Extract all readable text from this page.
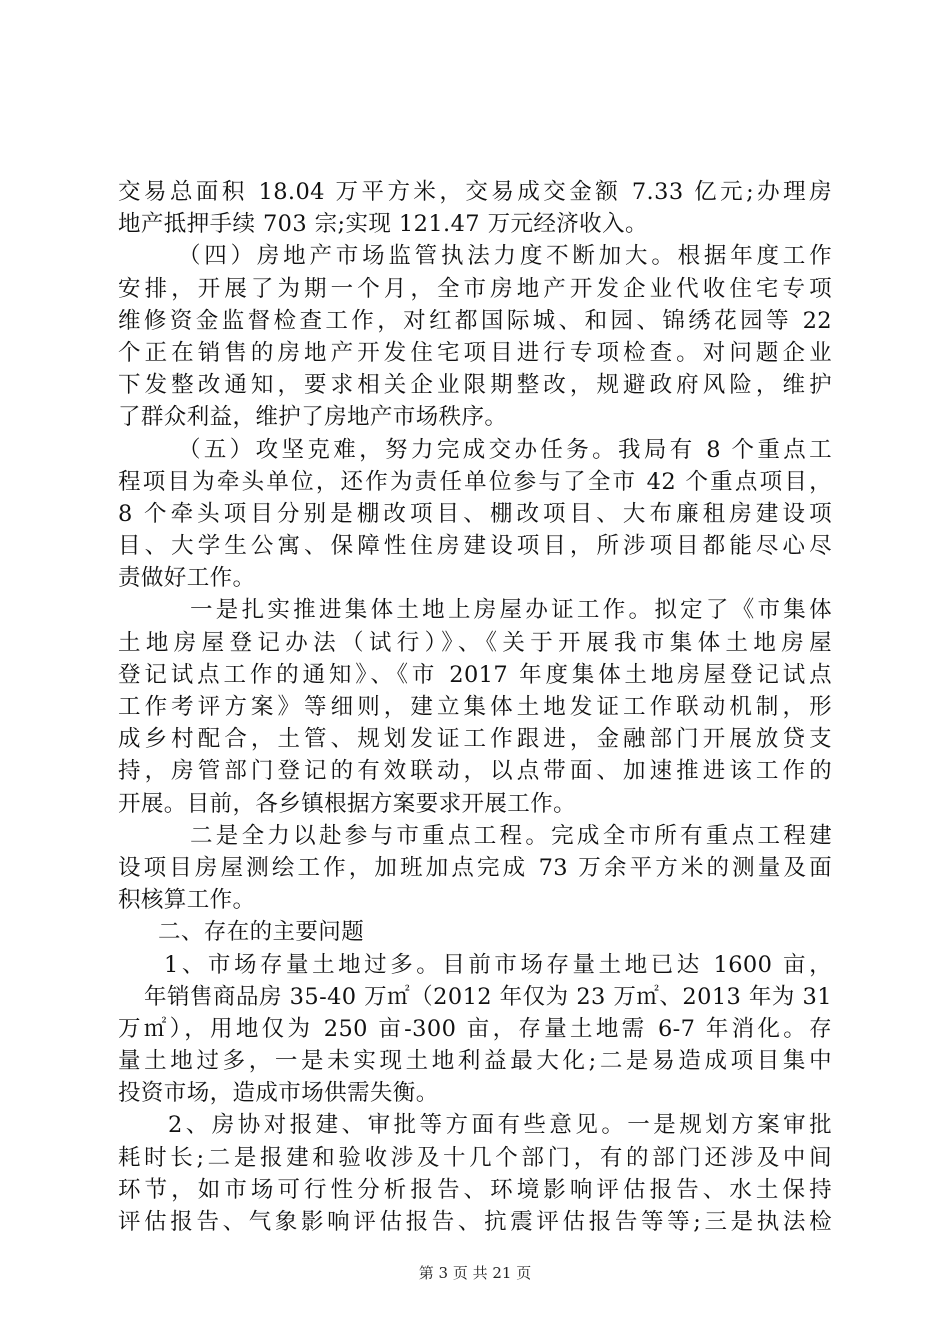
交易总面积 18.04 万平方米，交易成交金额 7.33 亿元;办理房
地产抵押手续 703 宗;实现 121.47 万元经济收入。
（四）房地产市场监管执法力度不断加大。根据年度工作
安排，开展了为期一个月，全市房地产开发企业代收住宅专项
维修资金监督检查工作，对红都国际城、和园、锦绣花园等 22
个正在销售的房地产开发住宅项目进行专项检查。对问题企业
下发整改通知，要求相关企业限期整改，规避政府风险，维护
了群众利益，维护了房地产市场秩序。
（五）攻坚克难，努力完成交办任务。我局有 8 个重点工
程项目为牵头单位，还作为责任单位参与了全市 42 个重点项目，
8 个牵头项目分别是棚改项目、棚改项目、大布廉租房建设项
目、大学生公寓、保障性住房建设项目，所涉项目都能尽心尽
责做好工作。
一是扎实推进集体土地上房屋办证工作。拟定了《市集体
土地房屋登记办法（试行）》、《关于开展我市集体土地房屋
登记试点工作的通知》、《市 2017 年度集体土地房屋登记试点
工作考评方案》等细则，建立集体土地发证工作联动机制，形
成乡村配合，土管、规划发证工作跟进，金融部门开展放贷支
持，房管部门登记的有效联动，以点带面、加速推进该工作的
开展。目前，各乡镇根据方案要求开展工作。
二是全力以赴参与市重点工程。完成全市所有重点工程建
设项目房屋测绘工作，加班加点完成 73 万余平方米的测量及面
积核算工作。
二、存在的主要问题
1、市场存量土地过多。目前市场存量土地已达 1600 亩，
年销售商品房 35-40 万㎡（2012 年仅为 23 万㎡、2013 年为 31
万㎡），用地仅为 250 亩-300 亩，存量土地需 6-7 年消化。存
量土地过多，一是未实现土地利益最大化;二是易造成项目集中
投资市场，造成市场供需失衡。
2、房协对报建、审批等方面有些意见。一是规划方案审批
耗时长;二是报建和验收涉及十几个部门，有的部门还涉及中间
环节，如市场可行性分析报告、环境影响评估报告、水土保持
评估报告、气象影响评估报告、抗震评估报告等等;三是执法检
第 3 页 共 21 页
